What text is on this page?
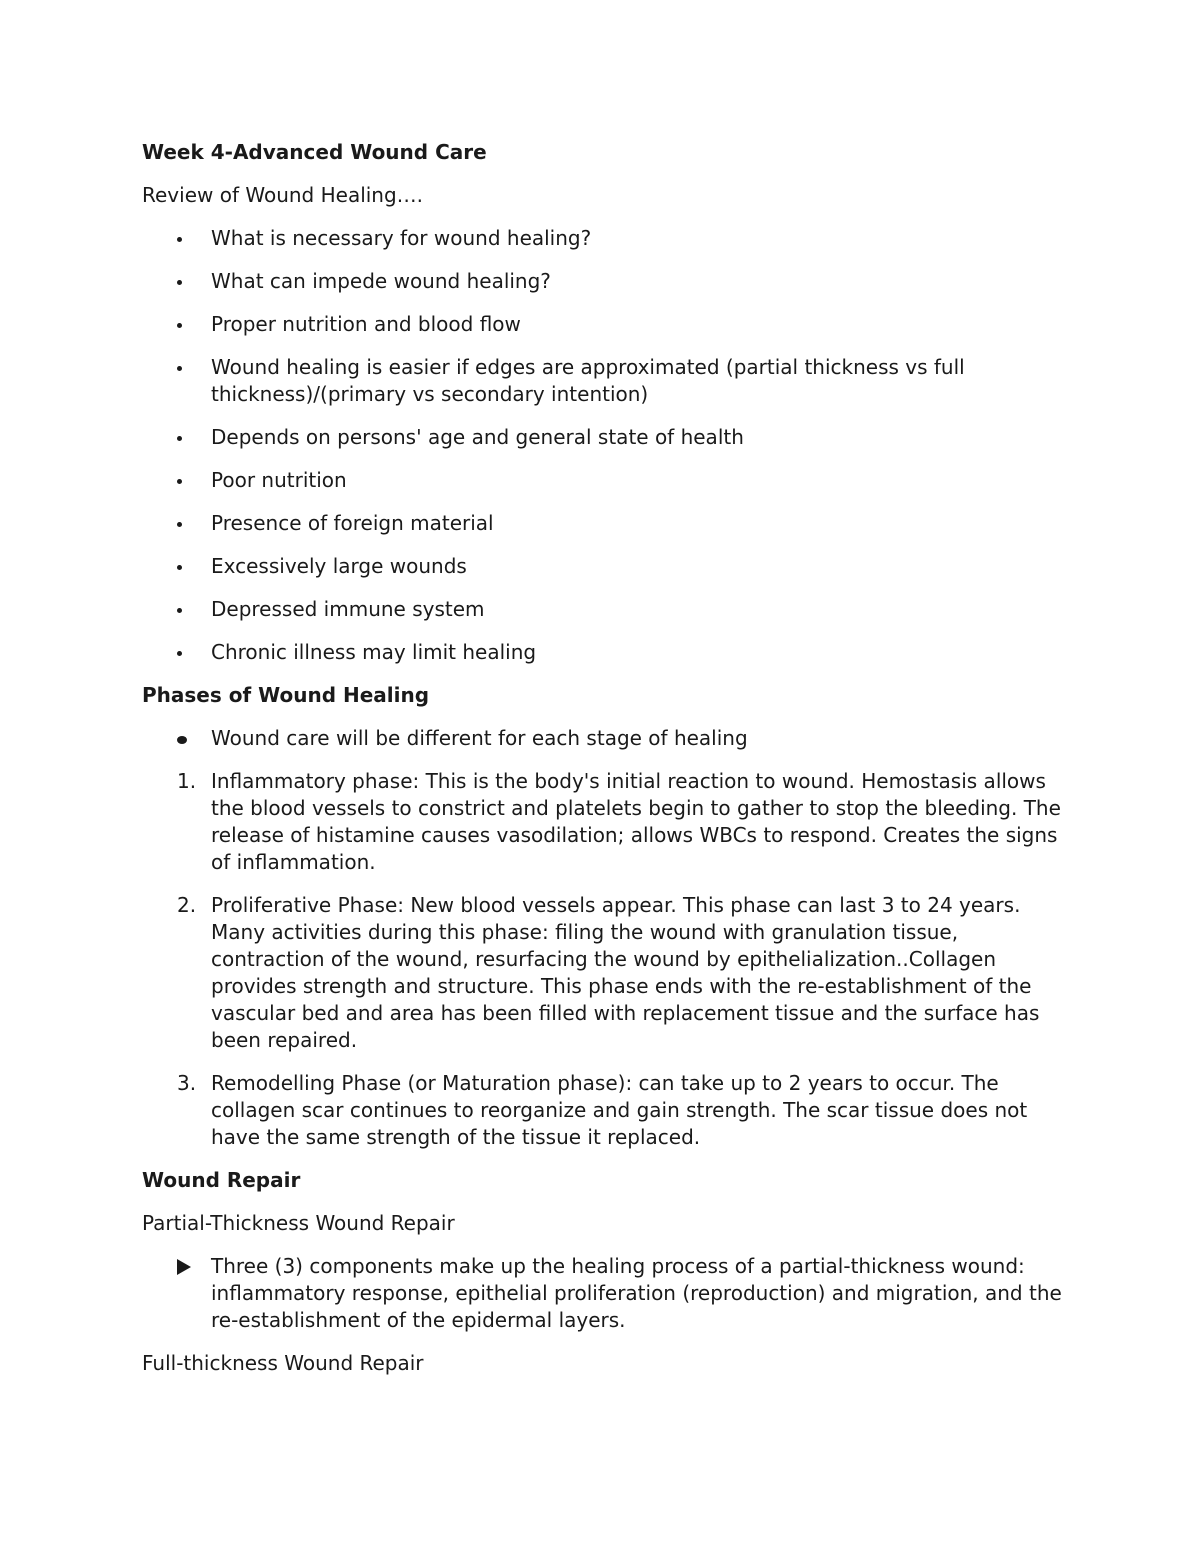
Week 4-Advanced Wound Care
Review of Wound Healing….
What is necessary for wound healing?
What can impede wound healing?
Proper nutrition and blood flow
Wound healing is easier if edges are approximated (partial thickness vs full thickness)/(primary vs secondary intention)
Depends on persons' age and general state of health
Poor nutrition
Presence of foreign material
Excessively large wounds
Depressed immune system
Chronic illness may limit healing
Phases of Wound Healing
Wound care will be different for each stage of healing
1. Inflammatory phase: This is the body's initial reaction to wound. Hemostasis allows the blood vessels to constrict and platelets begin to gather to stop the bleeding. The release of histamine causes vasodilation; allows WBCs to respond. Creates the signs of inflammation.
2. Proliferative Phase: New blood vessels appear. This phase can last 3 to 24 years. Many activities during this phase: filing the wound with granulation tissue, contraction of the wound, resurfacing the wound by epithelialization..Collagen provides strength and structure. This phase ends with the re-establishment of the vascular bed and area has been filled with replacement tissue and the surface has been repaired.
3. Remodelling Phase (or Maturation phase): can take up to 2 years to occur. The collagen scar continues to reorganize and gain strength. The scar tissue does not have the same strength of the tissue it replaced.
Wound Repair
Partial-Thickness Wound Repair
Three (3) components make up the healing process of a partial-thickness wound: inflammatory response, epithelial proliferation (reproduction) and migration, and the re-establishment of the epidermal layers.
Full-thickness Wound Repair
